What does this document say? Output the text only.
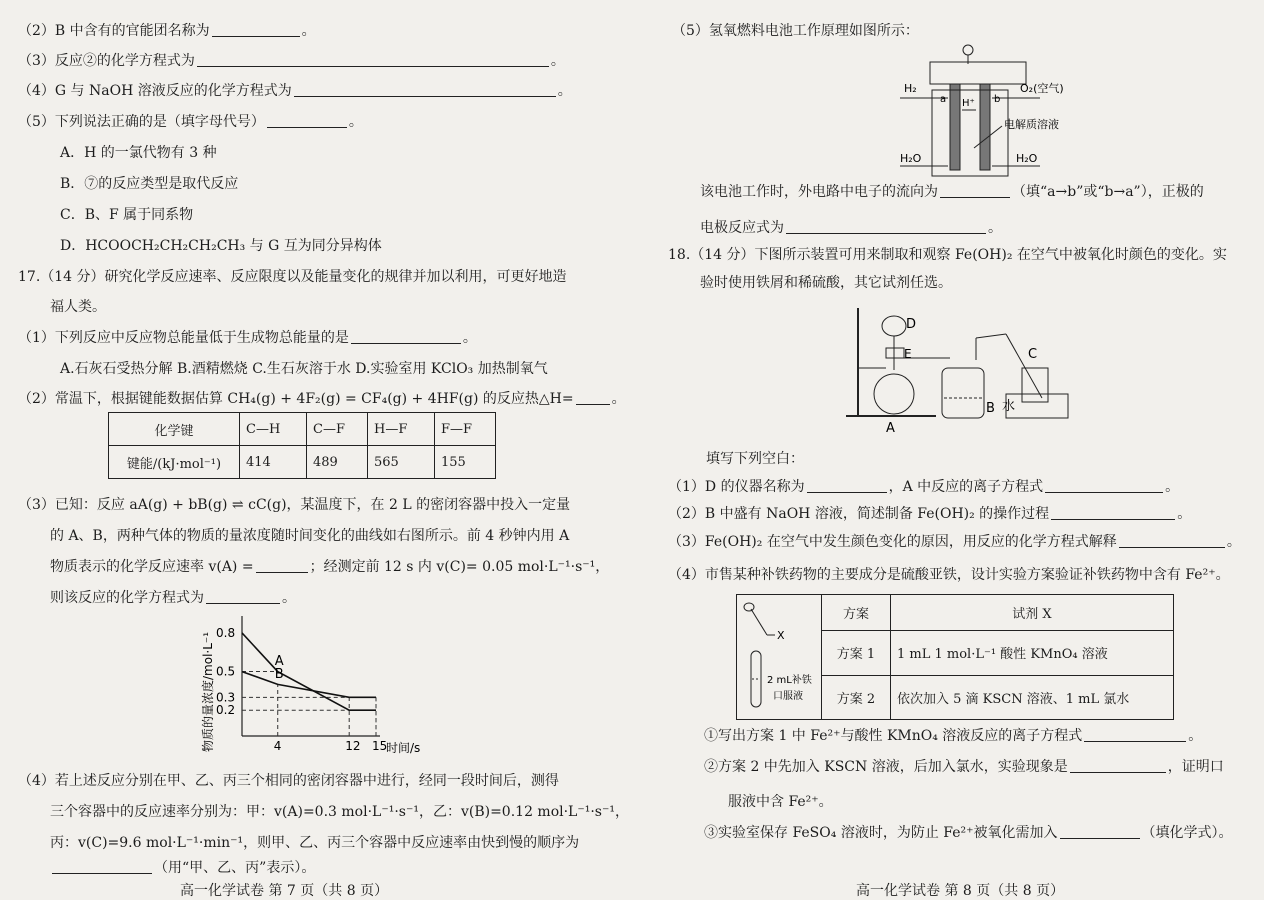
（2）B 中含有的官能团名称为	。
（3）反应②的化学方程式为	。
（4）G 与 NaOH 溶液反应的化学方程式为	。
（5）下列说法正确的是（填字母代号）	。
A．H 的一氯代物有 3 种
B．⑦的反应类型是取代反应
C．B、F 属于同系物
D．HCOOCH₂CH₂CH₂CH₃ 与 G 互为同分异构体
17.（14 分）研究化学反应速率、反应限度以及能量变化的规律并加以利用，可更好地造
福人类。
（1）下列反应中反应物总能量低于生成物总能量的是	。
A.石灰石受热分解 B.酒精燃烧 C.生石灰溶于水 D.实验室用 KClO₃ 加热制氧气
（2）常温下，根据键能数据估算 CH₄(g) + 4F₂(g) = CF₄(g) + 4HF(g) 的反应热△H=	。
化学键	C—H	C—F	H—F	F—F
键能/(kJ·mol⁻¹)	414	489	565	155
（3）已知：反应 aA(g) + bB(g) ⇌ cC(g)，某温度下，在 2 L 的密闭容器中投入一定量
的 A、B，两种气体的物质的量浓度随时间变化的曲线如右图所示。前 4 秒钟内用 A
物质表示的化学反应速率 v(A) =	；经测定前 12 s 内 v(C)= 0.05 mol·L⁻¹·s⁻¹，
则该反应的化学方程式为	。
A
B
4	12 15
0.8
0.5
0.3
0.2
物质的量浓度/mol·L⁻¹	时间/s
（4）若上述反应分别在甲、乙、丙三个相同的密闭容器中进行，经同一段时间后，测得
三个容器中的反应速率分别为：甲：v(A)=0.3 mol·L⁻¹·s⁻¹，乙：v(B)=0.12 mol·L⁻¹·s⁻¹，
丙：v(C)=9.6 mol·L⁻¹·min⁻¹，则甲、乙、丙三个容器中反应速率由快到慢的顺序为
（用“甲、乙、丙”表示）。
高一化学试卷 第 7 页（共 8 页）
（5）氢氧燃料电池工作原理如图所示：
H₂
a	b
O₂(空气)
H⁺
电解质溶液
H₂O	H₂O
该电池工作时，外电路中电子的流向为	（填“a→b”或“b→a”），正极的
电极反应式为	。
18.（14 分）下图所示装置可用来制取和观察 Fe(OH)₂ 在空气中被氧化时颜色的变化。实
验时使用铁屑和稀硫酸，其它试剂任选。
D
E	C
A
B 水
填写下列空白：
（1）D 的仪器名称为	，A 中反应的离子方程式	。
（2）B 中盛有 NaOH 溶液，简述制备 Fe(OH)₂ 的操作过程	。
（3）Fe(OH)₂ 在空气中发生颜色变化的原因，用反应的化学方程式解释	。
（4）市售某种补铁药物的主要成分是硫酸亚铁，设计实验方案验证补铁药物中含有 Fe²⁺。
X
2 mL补铁
口服液	方案	试剂 X
	方案 1	1 mL 1 mol·L⁻¹ 酸性 KMnO₄ 溶液
	方案 2	依次加入 5 滴 KSCN 溶液、1 mL 氯水
①写出方案 1 中 Fe²⁺与酸性 KMnO₄ 溶液反应的离子方程式	。
②方案 2 中先加入 KSCN 溶液，后加入氯水，实验现象是	，证明口
服液中含 Fe²⁺。
③实验室保存 FeSO₄ 溶液时，为防止 Fe²⁺被氧化需加入	（填化学式）。
高一化学试卷 第 8 页（共 8 页）
